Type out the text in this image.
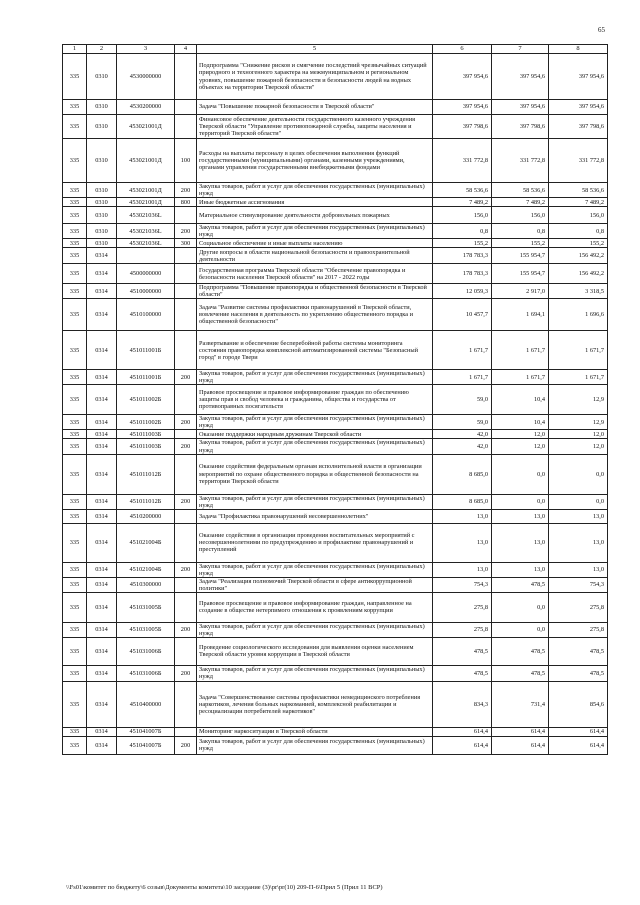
65
1	2	3	4	5	6	7	8
335	0310	4530000000		Подпрограмма "Снижение рисков и смягчение последствий чрезвычайных ситуаций природного и техногенного характера на межмуниципальном и региональном уровнях, повышение пожарной безопасности и безопасности людей на водных объектах на территории Тверской области"	397 954,6	397 954,6	397 954,6
335	0310	4530200000		Задача "Повышение пожарной безопасности в Тверской области"	397 954,6	397 954,6	397 954,6
335	0310	453021001Д		Финансовое обеспечение деятельности государственного казенного учреждения Тверской области "Управление противопожарной службы, защиты населения и территорий Тверской области"	397 798,6	397 798,6	397 798,6
335	0310	453021001Д	100	Расходы на выплаты персоналу в целях обеспечения выполнения функций государственными (муниципальными) органами, казенными учреждениями, органами управления государственными внебюджетными фондами	331 772,8	331 772,8	331 772,8
335	0310	453021001Д	200	Закупка товаров, работ и услуг для обеспечения государственных (муниципальных) нужд	58 536,6	58 536,6	58 536,6
335	0310	453021001Д	800	Иные бюджетные ассигнования	7 489,2	7 489,2	7 489,2
335	0310	453021036L		Материальное стимулирование деятельности добровольных пожарных	156,0	156,0	156,0
335	0310	453021036L	200	Закупка товаров, работ и услуг для обеспечения государственных (муниципальных) нужд	0,8	0,8	0,8
335	0310	453021036L	300	Социальное обеспечение и иные выплаты населению	155,2	155,2	155,2
335	0314			Другие вопросы в области национальной безопасности и правоохранительной деятельности	178 783,3	155 954,7	156 492,2
335	0314	4500000000		Государственная программа Тверской области "Обеспечение правопорядка и безопасности населения Тверской области" на 2017 - 2022 годы	178 783,3	155 954,7	156 492,2
335	0314	4510000000		Подпрограмма "Повышение правопорядка и общественной безопасности в Тверской области"	12 059,3	2 917,0	3 318,5
335	0314	4510100000		Задача "Развитие системы профилактики правонарушений в Тверской области, вовлечение населения в деятельность по укреплению общественного порядка и общественной безопасности"	10 457,7	1 694,1	1 696,6
335	0314	451011001Б		Развертывание и обеспечение бесперебойной работы системы мониторинга состояния правопорядка комплексной автоматизированной системы "Безопасный город" в городе Твери	1 671,7	1 671,7	1 671,7
335	0314	451011001Б	200	Закупка товаров, работ и услуг для обеспечения государственных (муниципальных) нужд	1 671,7	1 671,7	1 671,7
335	0314	451011002Б		Правовое просвещение и правовое информирование граждан по обеспечению защиты прав и свобод человека и гражданина, общества и государства от противоправных посягательств	59,0	10,4	12,9
335	0314	451011002Б	200	Закупка товаров, работ и услуг для обеспечения государственных (муниципальных) нужд	59,0	10,4	12,9
335	0314	451011003Б		Оказание поддержки народным дружинам Тверской области	42,0	12,0	12,0
335	0314	451011003Б	200	Закупка товаров, работ и услуг для обеспечения государственных (муниципальных) нужд	42,0	12,0	12,0
335	0314	451011012Б		Оказание содействия федеральным органам исполнительной власти в организации мероприятий по охране общественного порядка и общественной безопасности на территории Тверской области	8 685,0	0,0	0,0
335	0314	451011012Б	200	Закупка товаров, работ и услуг для обеспечения государственных (муниципальных) нужд	8 685,0	0,0	0,0
335	0314	4510200000		Задача "Профилактика правонарушений несовершеннолетних"	13,0	13,0	13,0
335	0314	451021004Б		Оказание содействия в организации проведения воспитательных мероприятий с несовершеннолетними по предупреждению и профилактике правонарушений и преступлений	13,0	13,0	13,0
335	0314	451021004Б	200	Закупка товаров, работ и услуг для обеспечения государственных (муниципальных) нужд	13,0	13,0	13,0
335	0314	4510300000		Задача "Реализация полномочий Тверской области в сфере антикоррупционной политики"	754,3	478,5	754,3
335	0314	451031005Б		Правовое просвещение и правовое информирование граждан, направленное на создание в обществе нетерпимого отношения к проявлениям коррупции	275,8	0,0	275,8
335	0314	451031005Б	200	Закупка товаров, работ и услуг для обеспечения государственных (муниципальных) нужд	275,8	0,0	275,8
335	0314	451031006Б		Проведение социологического исследования для выявления оценки населением Тверской области уровня коррупции в Тверской области	478,5	478,5	478,5
335	0314	451031006Б	200	Закупка товаров, работ и услуг для обеспечения государственных (муниципальных) нужд	478,5	478,5	478,5
335	0314	4510400000		Задача "Совершенствование системы профилактики немедицинского потребления наркотиков, лечения больных наркоманией, комплексной реабилитации и ресоциализации потребителей наркотиков"	834,3	731,4	854,6
335	0314	451041007Б		Мониторинг наркоситуации в Тверской области	614,4	614,4	614,4
335	0314	451041007Б	200	Закупка товаров, работ и услуг для обеспечения государственных (муниципальных) нужд	614,4	614,4	614,4
\\Fs01\комитет по бюджету\6 созыв\Документы комитета\10 заседание (3)\pr\pr(10) 209-П-6\Прил 5 (Прил 11 ВСР)
